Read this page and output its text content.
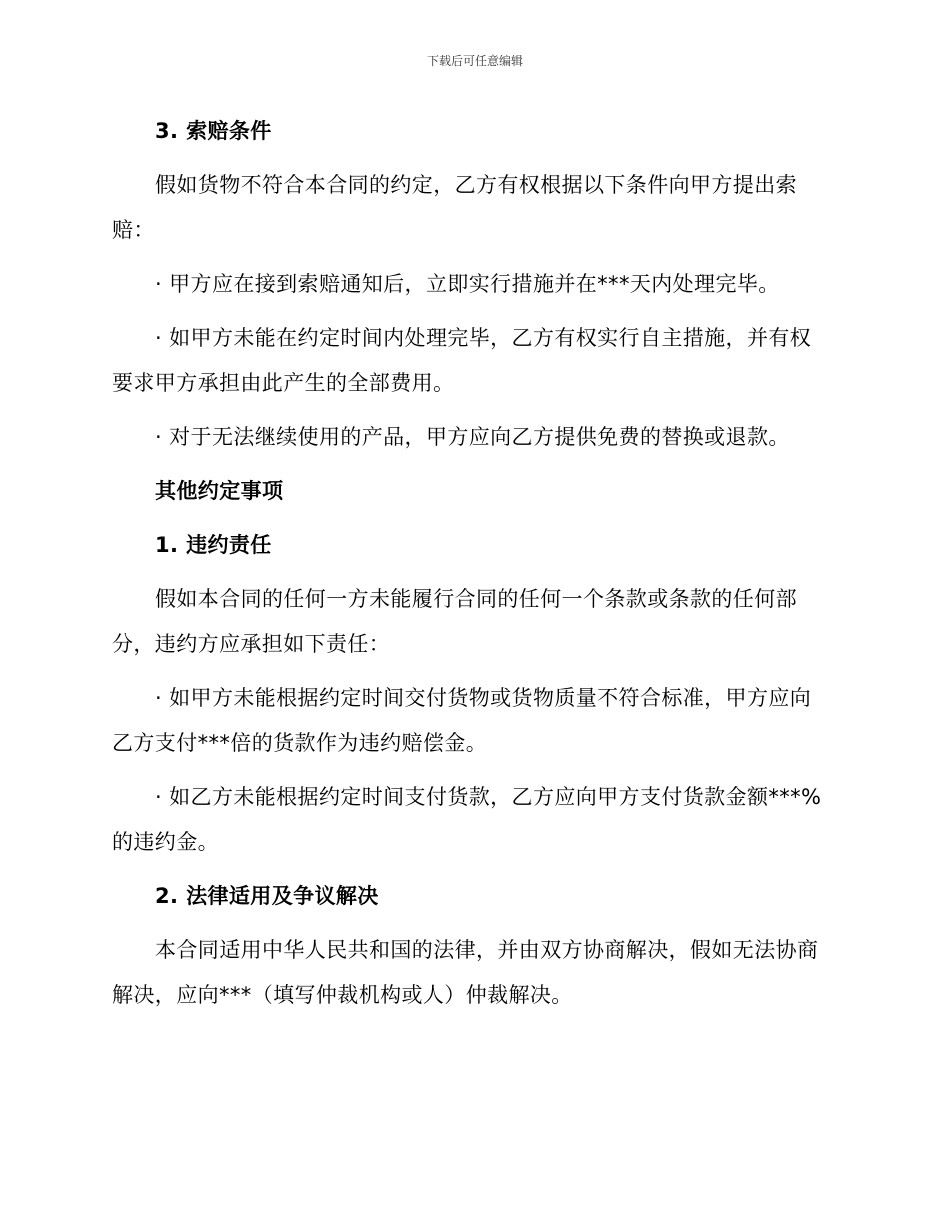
下载后可任意编辑

3. 索赔条件

假如货物不符合本合同的约定，乙方有权根据以下条件向甲方提出索赔：

· 甲方应在接到索赔通知后，立即实行措施并在***天内处理完毕。

· 如甲方未能在约定时间内处理完毕，乙方有权实行自主措施，并有权要求甲方承担由此产生的全部费用。

· 对于无法继续使用的产品，甲方应向乙方提供免费的替换或退款。

其他约定事项

1. 违约责任

假如本合同的任何一方未能履行合同的任何一个条款或条款的任何部分，违约方应承担如下责任：

· 如甲方未能根据约定时间交付货物或货物质量不符合标准，甲方应向乙方支付***倍的货款作为违约赔偿金。

· 如乙方未能根据约定时间支付货款，乙方应向甲方支付货款金额***%的违约金。

2. 法律适用及争议解决

本合同适用中华人民共和国的法律，并由双方协商解决，假如无法协商解决，应向***（填写仲裁机构或人）仲裁解决。
